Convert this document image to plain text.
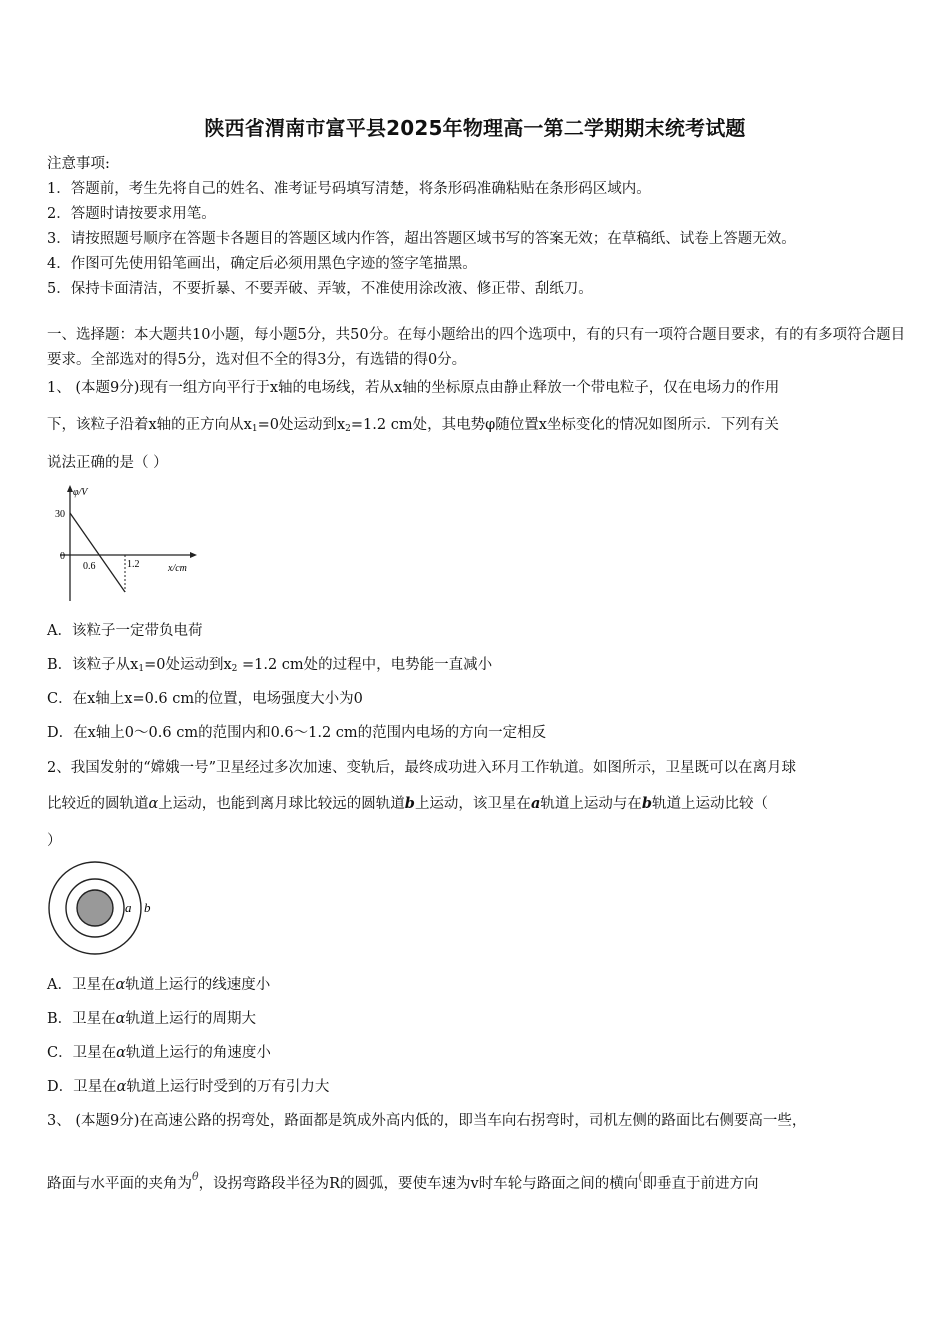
陕西省渭南市富平县2025年物理高一第二学期期末统考试题
注意事项:
1．答题前，考生先将自己的姓名、准考证号码填写清楚，将条形码准确粘贴在条形码区域内。
2．答题时请按要求用笔。
3．请按照题号顺序在答题卡各题目的答题区域内作答，超出答题区域书写的答案无效；在草稿纸、试卷上答题无效。
4．作图可先使用铅笔画出，确定后必须用黑色字迹的签字笔描黑。
5．保持卡面清洁，不要折暴、不要弄破、弄皱，不准使用涂改液、修正带、刮纸刀。
一、选择题：本大题共10小题，每小题5分，共50分。在每小题给出的四个选项中，有的只有一项符合题目要求，有的有多项符合题目要求。全部选对的得5分，选对但不全的得3分，有选错的得0分。
1、 (本题9分)现有一组方向平行于x轴的电场线，若从x轴的坐标原点由静止释放一个带电粒子，仅在电场力的作用
下，该粒子沿着x轴的正方向从$x_1=0$处运动到$x_2=1.2$ cm处，其电势φ随位置x坐标变化的情况如图所示．下列有关
说法正确的是（ ）
φ/V
30
0
0.6	1.2	x/cm
A．该粒子一定带负电荷
B．该粒子从$x_1=0$处运动到$x_2 =1.2$ cm处的过程中，电势能一直减小
C．在x轴上x=0.6 cm的位置，电场强度大小为0
D．在x轴上0～0.6 cm的范围内和0.6～1.2 cm的范围内电场的方向一定相反
2、我国发射的“嫦娥一号”卫星经过多次加速、变轨后，最终成功进入环月工作轨道。如图所示，卫星既可以在离月球
比较近的圆轨道α上运动，也能到离月球比较远的圆轨道b上运动，该卫星在a轨道上运动与在b轨道上运动比较（
）
a b
A．卫星在α轨道上运行的线速度小
B．卫星在α轨道上运行的周期大
C．卫星在α轨道上运行的角速度小
D．卫星在α轨道上运行时受到的万有引力大
3、 (本题9分)在高速公路的拐弯处，路面都是筑成外高内低的，即当车向右拐弯时，司机左侧的路面比右侧要高一些，
路面与水平面的夹角为$^\theta$，设拐弯路段半径为R的圆弧，要使车速为v时车轮与路面之间的横向(即垂直于前进方向
